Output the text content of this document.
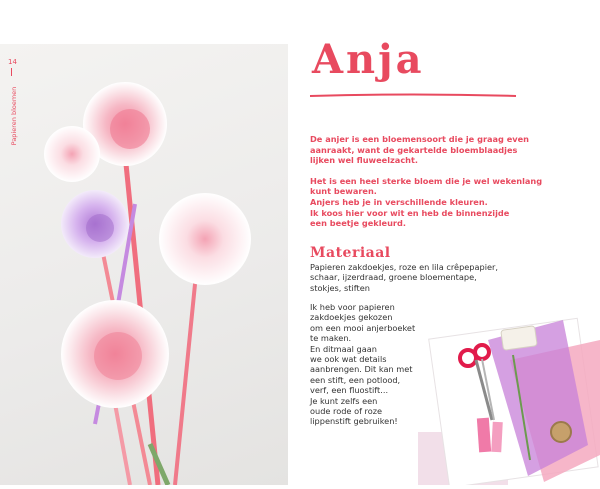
14
Papieren bloemen
Anja

De anjer is een bloemensoort die je graag even
aanraakt, want de gekartelde bloemblaadjes
lijken wel fluweelzacht.

Het is een heel sterke bloem die je wel wekenlang
kunt bewaren.
Anjers heb je in verschillende kleuren.
Ik koos hier voor wit en heb de binnenzijde
een beetje gekleurd.

Materiaal
Papieren zakdoekjes, roze en lila crêpepapier,
schaar, ijzerdraad, groene bloementape,
stokjes, stiften
Ik heb voor papieren
zakdoekjes gekozen
om een mooi anjerboeket
te maken.
En ditmaal gaan
we ook wat details
aanbrengen. Dit kan met
een stift, een potlood,
verf, een fluostift...
Je kunt zelfs een
oude rode of roze
lippenstift gebruiken!
